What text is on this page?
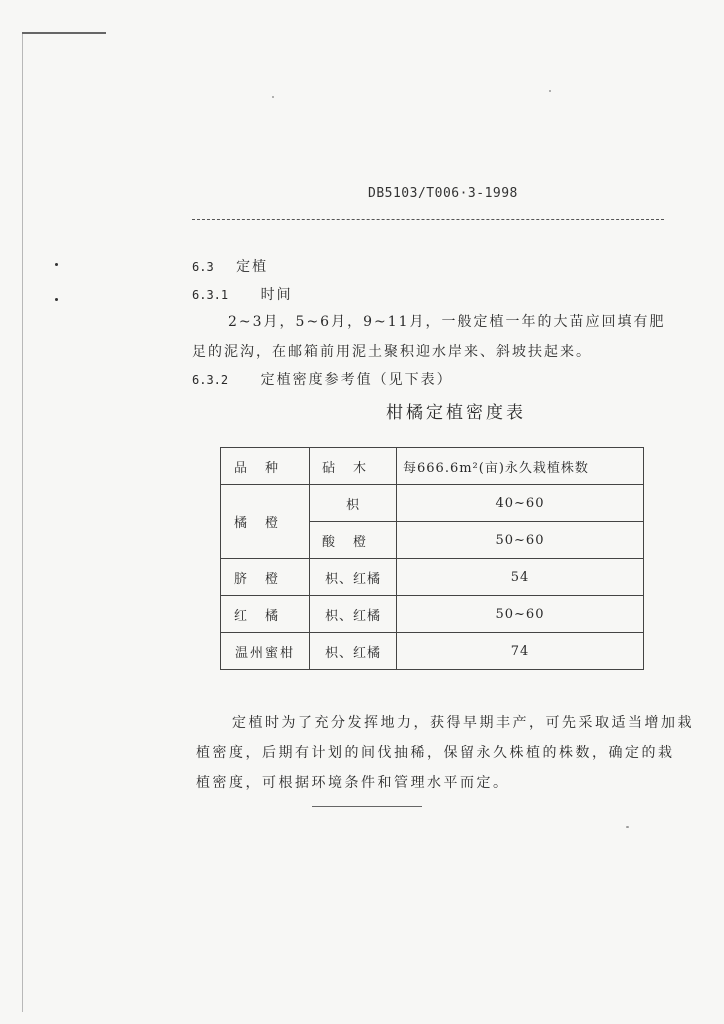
DB5103/T006·3-1998
6.3 定植
6.3.1 时间
2~3月，5~6月，9~11月，一般定植一年的大苗应回填有肥
足的泥沟，在邮箱前用泥土聚积迎水岸来、斜坡扶起来。
6.3.2 定植密度参考值（见下表）
柑橘定植密度表
品种	砧木	每666.6m²(亩)永久栽植株数
橘橙	枳	40~60
	酸橙	50~60
脐橙	枳、红橘	54
红橘	枳、红橘	50~60
温州蜜柑	枳、红橘	74
定植时为了充分发挥地力，获得早期丰产，可先采取适当增加栽
植密度，后期有计划的间伐抽稀，保留永久株植的株数，确定的栽
植密度，可根据环境条件和管理水平而定。
